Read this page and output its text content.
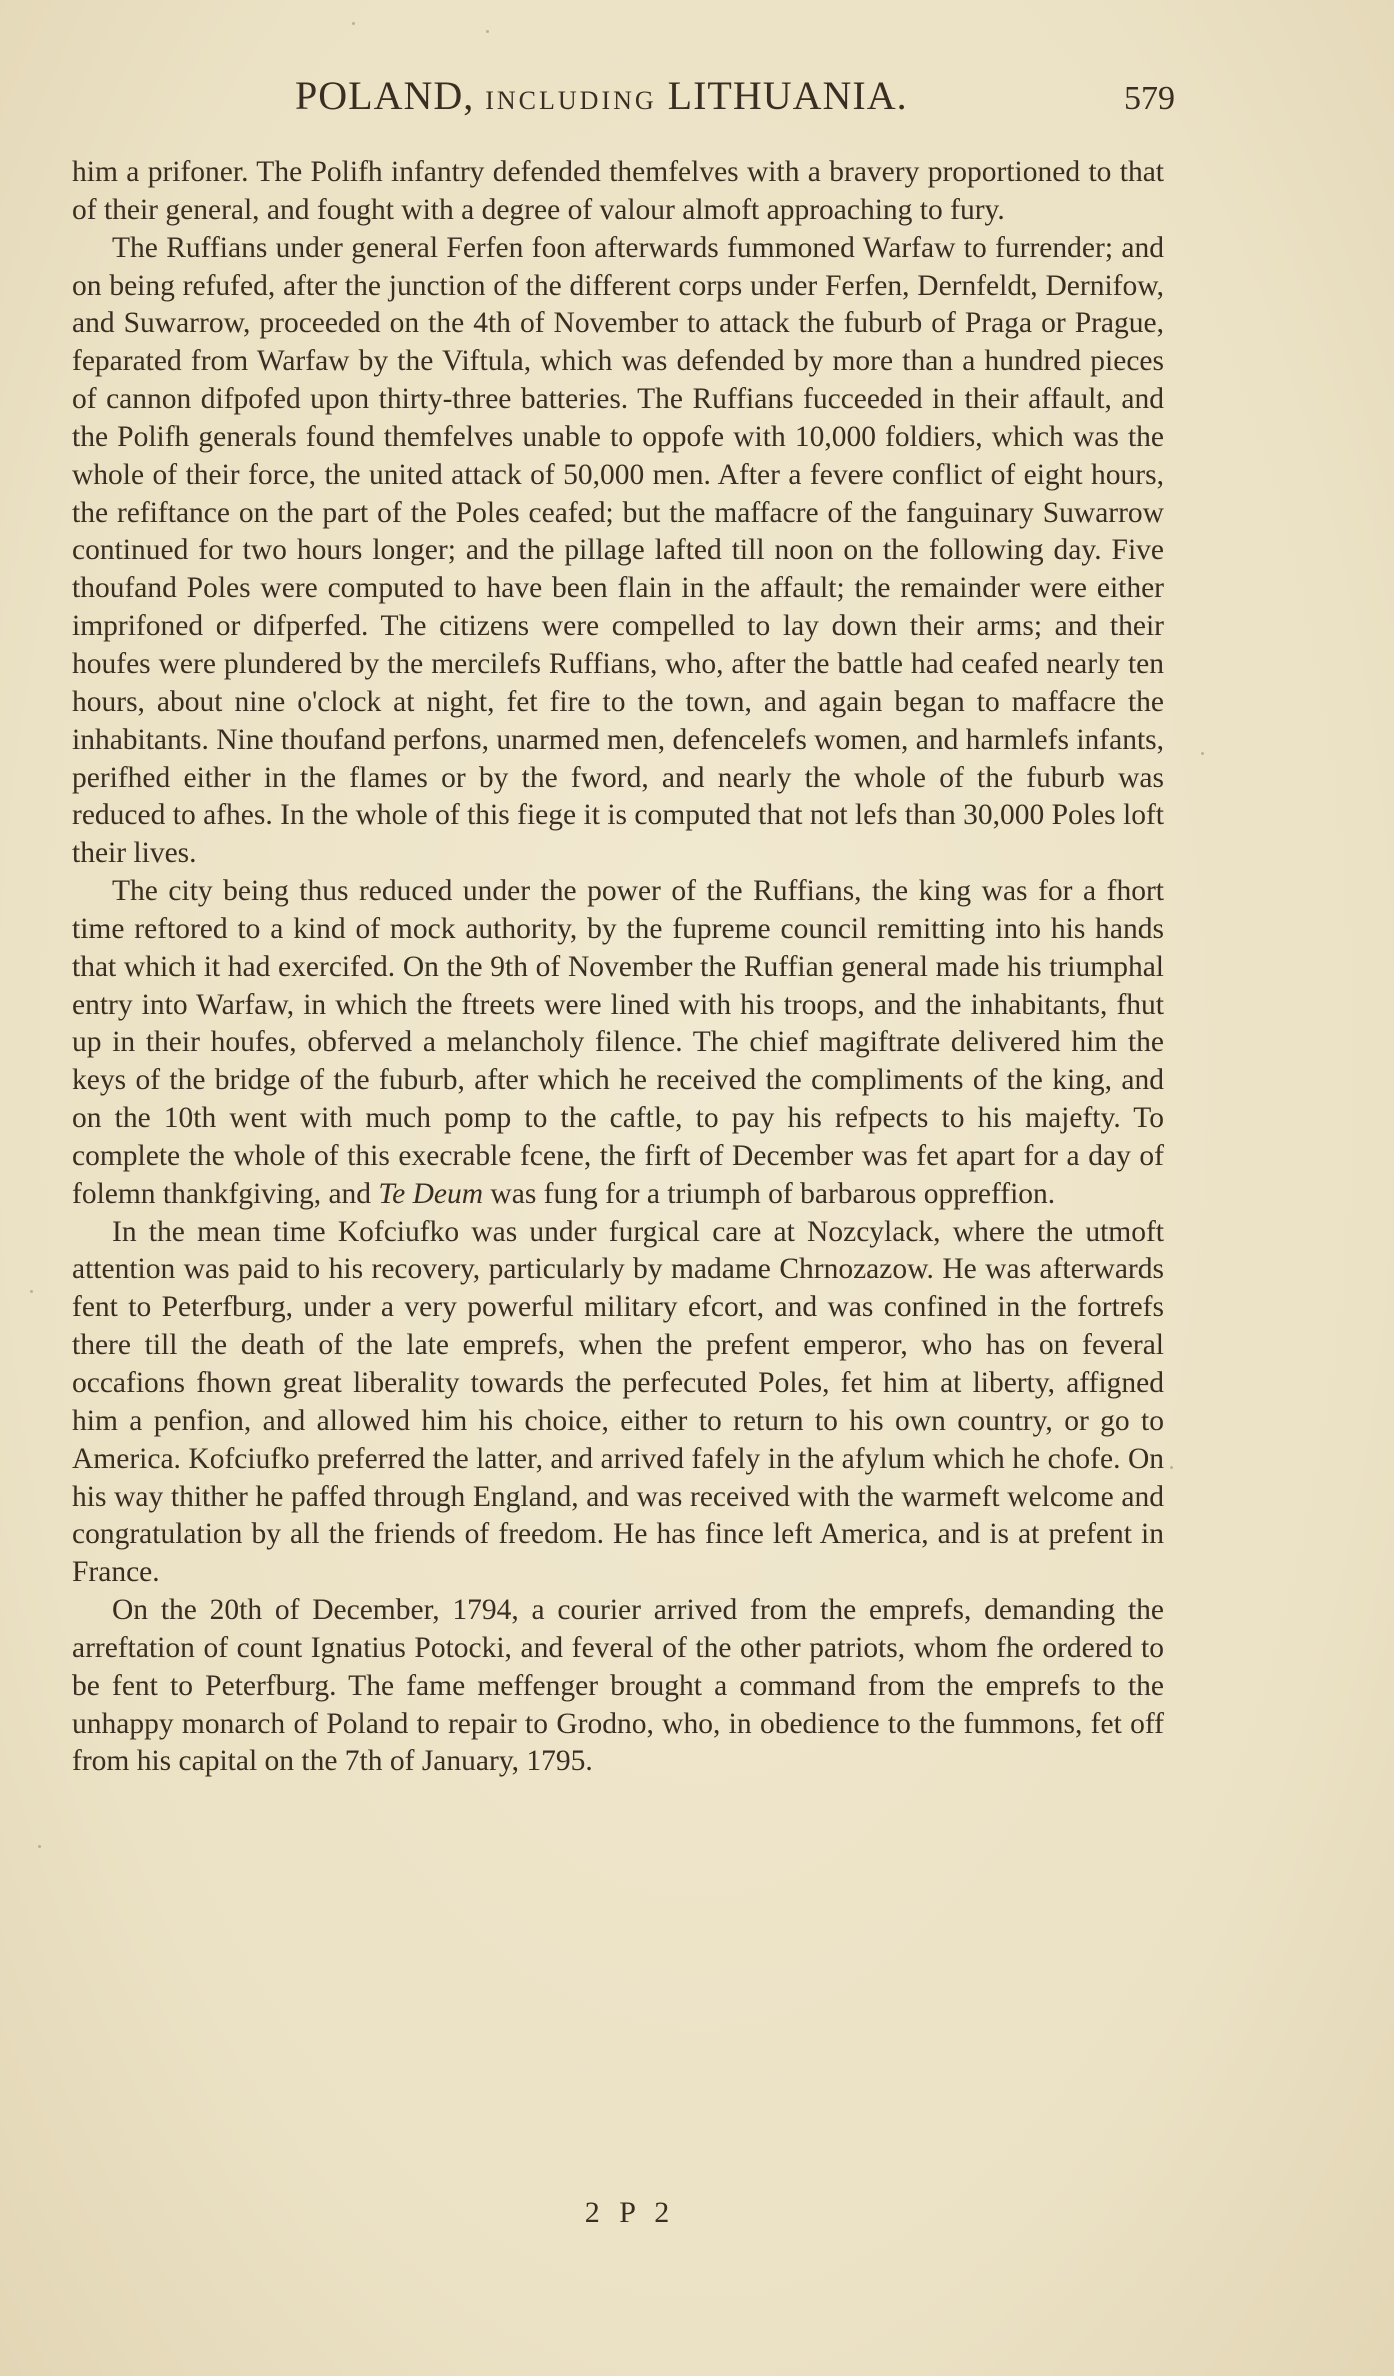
POLAND, INCLUDING LITHUANIA.	579

him a prifoner. The Polifh infantry defended themfelves with a bravery proportioned to that of their general, and fought with a degree of valour almoft approaching to fury.

The Ruffians under general Ferfen foon afterwards fummoned Warfaw to furrender; and on being refufed, after the junction of the different corps under Ferfen, Dernfeldt, Dernifow, and Suwarrow, proceeded on the 4th of November to attack the fuburb of Praga or Prague, feparated from Warfaw by the Viftula, which was defended by more than a hundred pieces of cannon difpofed upon thirty-three batteries. The Ruffians fucceeded in their affault, and the Polifh generals found themfelves unable to oppofe with 10,000 foldiers, which was the whole of their force, the united attack of 50,000 men. After a fevere conflict of eight hours, the refiftance on the part of the Poles ceafed; but the maffacre of the fanguinary Suwarrow continued for two hours longer; and the pillage lafted till noon on the following day. Five thoufand Poles were computed to have been flain in the affault; the remainder were either imprifoned or difperfed. The citizens were compelled to lay down their arms; and their houfes were plundered by the mercilefs Ruffians, who, after the battle had ceafed nearly ten hours, about nine o'clock at night, fet fire to the town, and again began to maffacre the inhabitants. Nine thoufand perfons, unarmed men, defencelefs women, and harmlefs infants, perifhed either in the flames or by the fword, and nearly the whole of the fuburb was reduced to afhes. In the whole of this fiege it is computed that not lefs than 30,000 Poles loft their lives.

The city being thus reduced under the power of the Ruffians, the king was for a fhort time reftored to a kind of mock authority, by the fupreme council remitting into his hands that which it had exercifed. On the 9th of November the Ruffian general made his triumphal entry into Warfaw, in which the ftreets were lined with his troops, and the inhabitants, fhut up in their houfes, obferved a melancholy filence. The chief magiftrate delivered him the keys of the bridge of the fuburb, after which he received the compliments of the king, and on the 10th went with much pomp to the caftle, to pay his refpects to his majefty. To complete the whole of this execrable fcene, the firft of December was fet apart for a day of folemn thankfgiving, and Te Deum was fung for a triumph of barbarous oppreffion.

In the mean time Kofciufko was under furgical care at Nozcylack, where the utmoft attention was paid to his recovery, particularly by madame Chrnozazow. He was afterwards fent to Peterfburg, under a very powerful military efcort, and was confined in the fortrefs there till the death of the late emprefs, when the prefent emperor, who has on feveral occafions fhown great liberality towards the perfecuted Poles, fet him at liberty, affigned him a penfion, and allowed him his choice, either to return to his own country, or go to America. Kofciufko preferred the latter, and arrived fafely in the afylum which he chofe. On his way thither he paffed through England, and was received with the warmeft welcome and congratulation by all the friends of freedom. He has fince left America, and is at prefent in France.

On the 20th of December, 1794, a courier arrived from the emprefs, demanding the arreftation of count Ignatius Potocki, and feveral of the other patriots, whom fhe ordered to be fent to Peterfburg. The fame meffenger brought a command from the emprefs to the unhappy monarch of Poland to repair to Grodno, who, in obedience to the fummons, fet off from his capital on the 7th of January, 1795.

2 P 2
